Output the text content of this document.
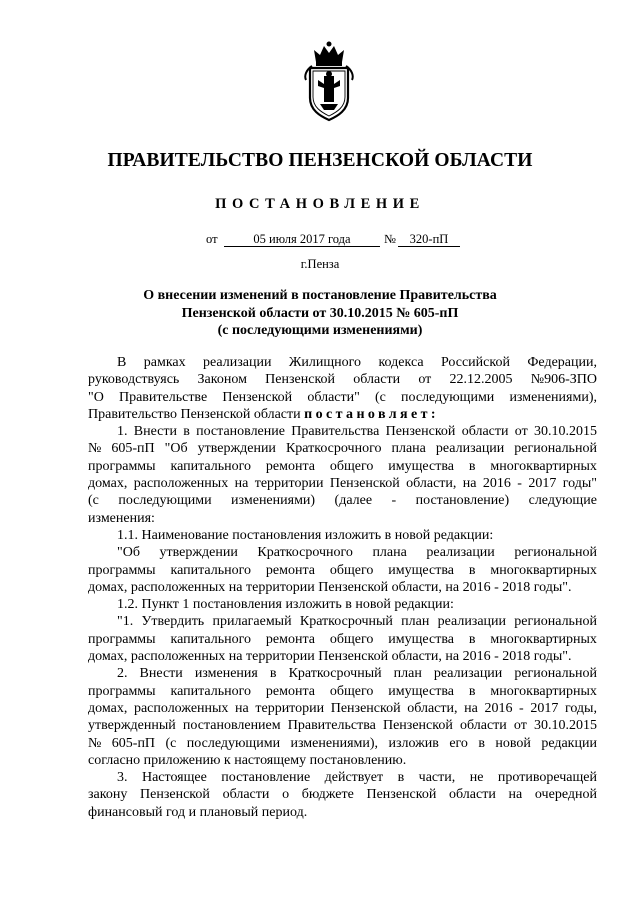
ПРАВИТЕЛЬСТВО ПЕНЗЕНСКОЙ ОБЛАСТИ
ПОСТАНОВЛЕНИЕ
от	05 июля 2017 года	№	320-пП
г.Пенза
О внесении изменений в постановление Правительства
Пензенской области от 30.10.2015 № 605-пП
(с последующими изменениями)
В рамках реализации Жилищного кодекса Российской Федерации,
руководствуясь Законом Пензенской области от 22.12.2005 №906-ЗПО
"О Правительстве Пензенской области" (с последующими изменениями),
Правительство Пензенской области постановляет:
1. Внести в постановление Правительства Пензенской области от 30.10.2015
№ 605-пП "Об утверждении Краткосрочного плана реализации региональной
программы капитального ремонта общего имущества в многоквартирных
домах, расположенных на территории Пензенской области, на 2016 - 2017 годы"
(с последующими изменениями) (далее - постановление) следующие
изменения:
1.1. Наименование постановления изложить в новой редакции:
"Об утверждении Краткосрочного плана реализации региональной
программы капитального ремонта общего имущества в многоквартирных
домах, расположенных на территории Пензенской области, на 2016 - 2018 годы".
1.2. Пункт 1 постановления изложить в новой редакции:
"1. Утвердить прилагаемый Краткосрочный план реализации региональной
программы капитального ремонта общего имущества в многоквартирных
домах, расположенных на территории Пензенской области, на 2016 - 2018 годы".
2. Внести изменения в Краткосрочный план реализации региональной
программы капитального ремонта общего имущества в многоквартирных
домах, расположенных на территории Пензенской области, на 2016 - 2017 годы,
утвержденный постановлением Правительства Пензенской области от 30.10.2015
№ 605-пП (с последующими изменениями), изложив его в новой редакции
согласно приложению к настоящему постановлению.
3. Настоящее постановление действует в части, не противоречащей
закону Пензенской области о бюджете Пензенской области на очередной
финансовый год и плановый период.
